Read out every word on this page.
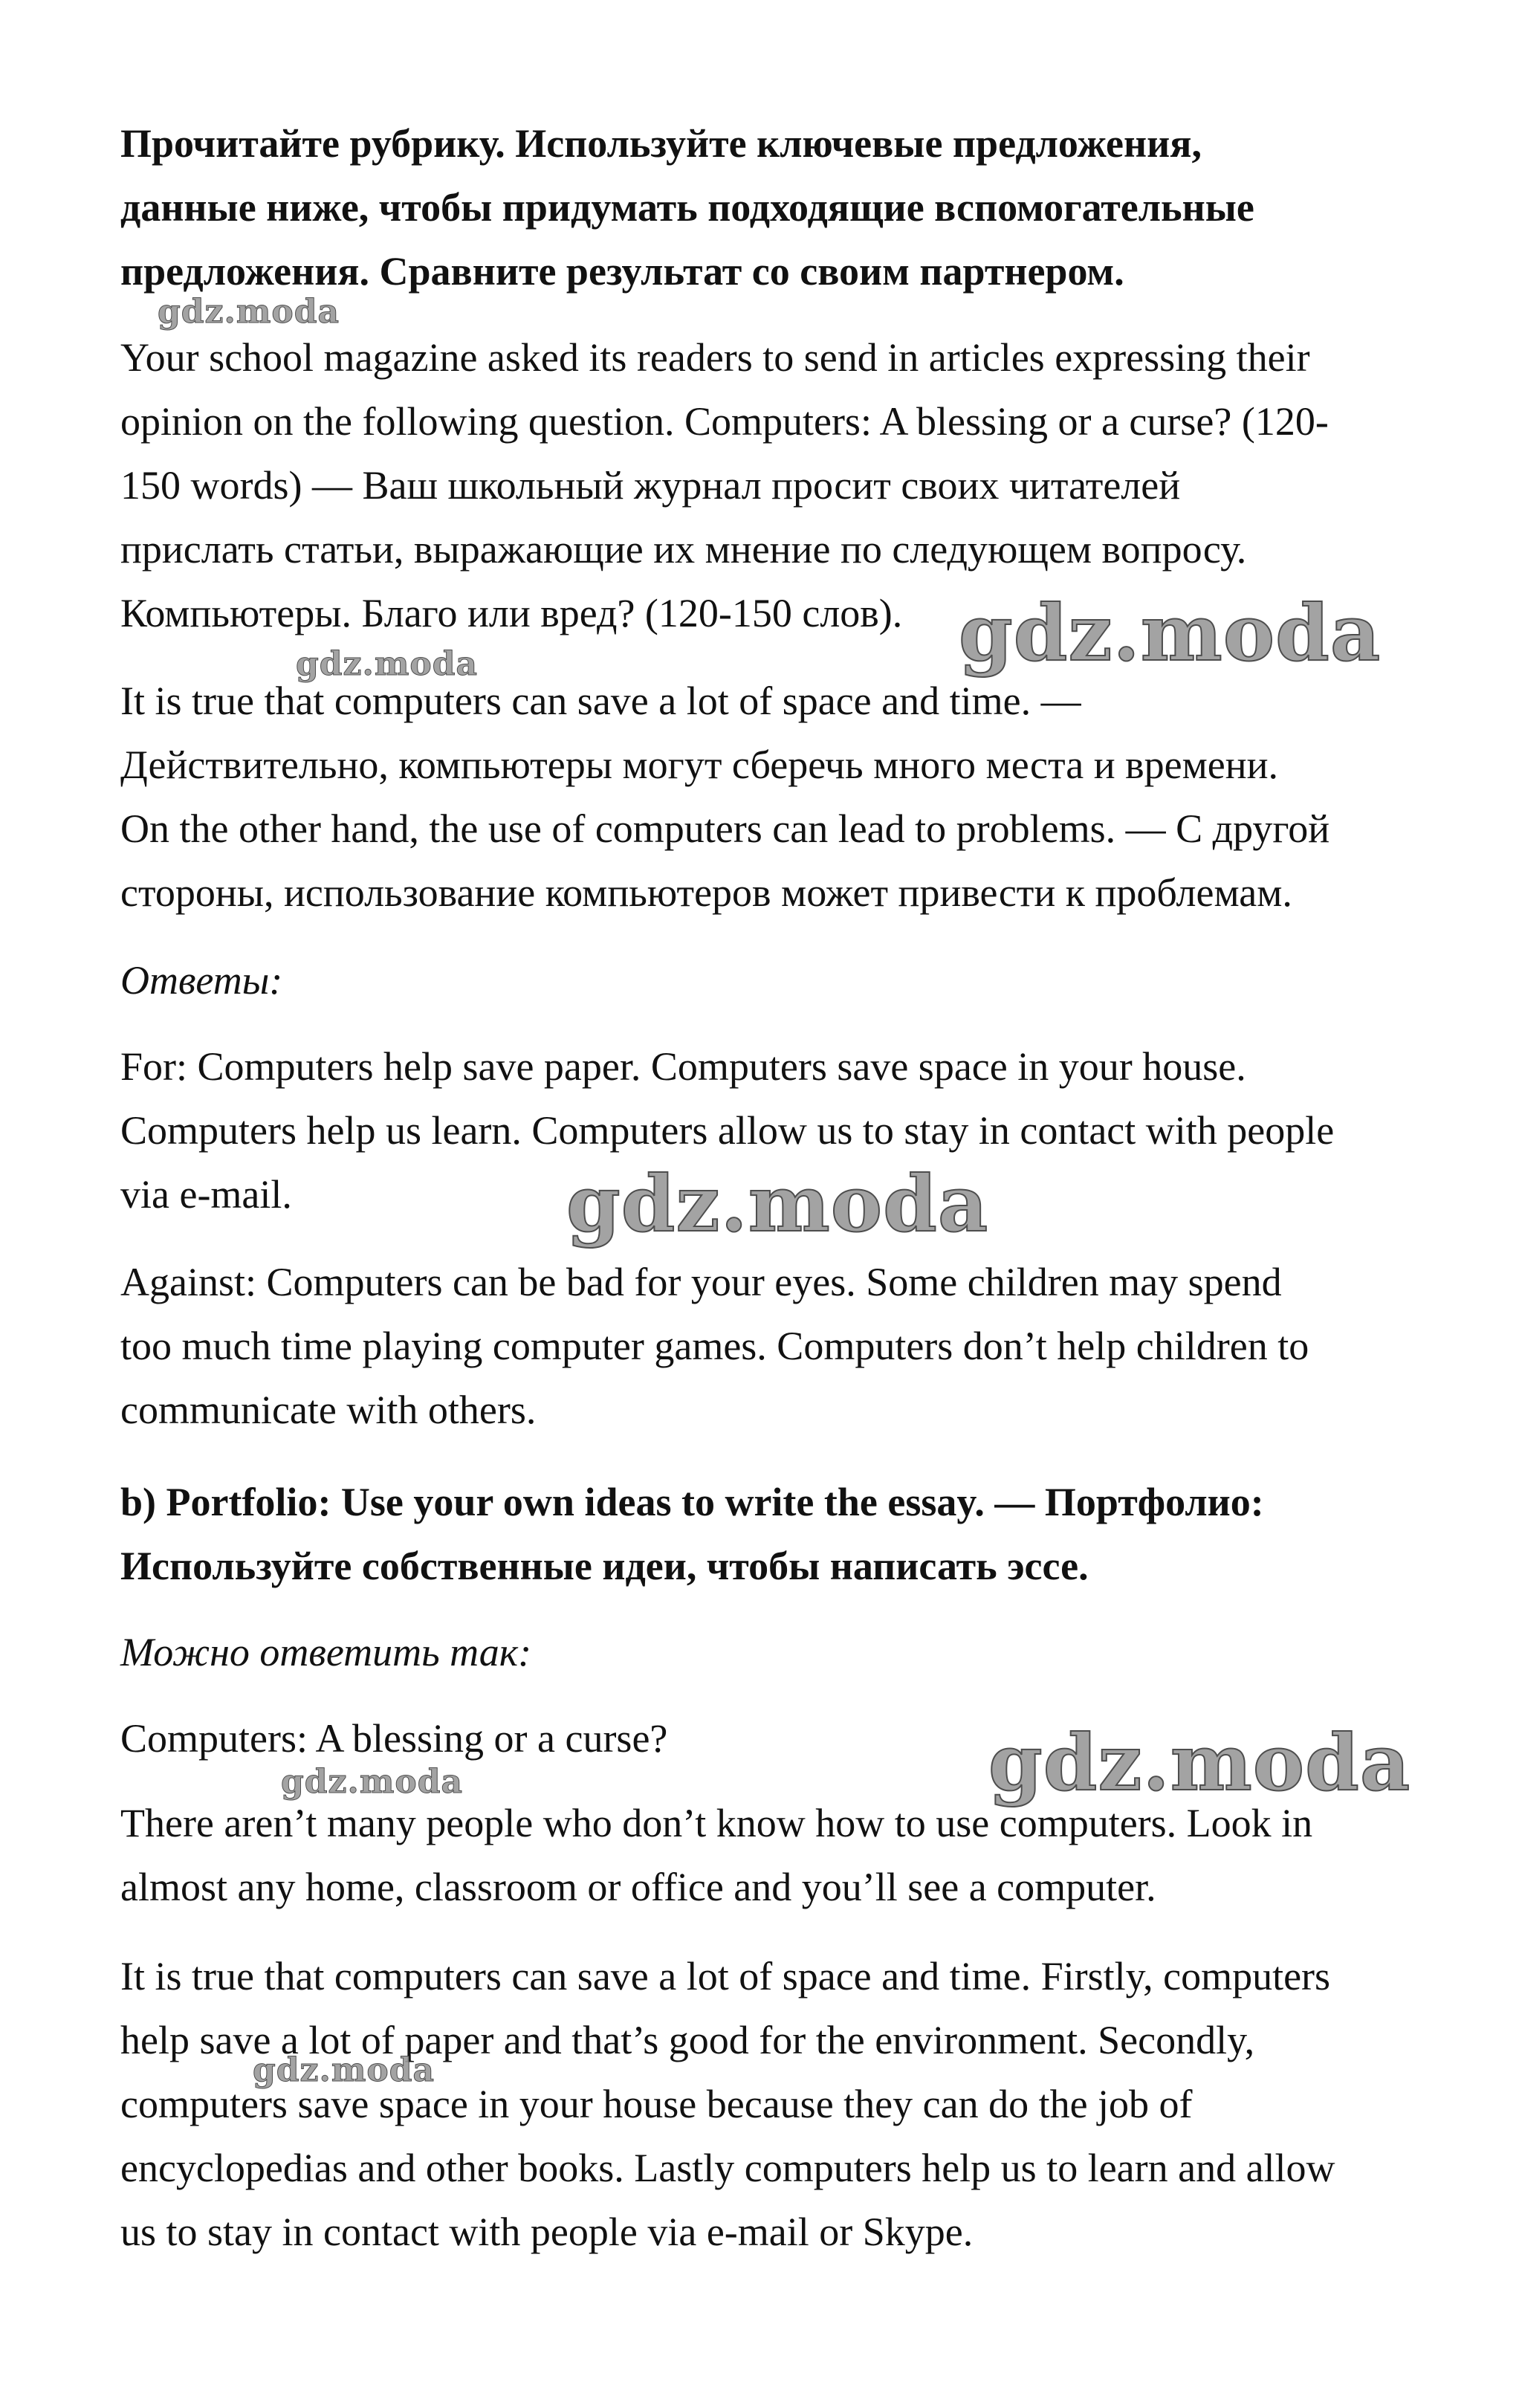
Прочитайте рубрику. Используйте ключевые предложения,
данные ниже, чтобы придумать подходящие вспомогательные
предложения. Сравните результат со своим партнером.
Your school magazine asked its readers to send in articles expressing their
opinion on the following question. Computers: A blessing or a curse? (120-
150 words) — Ваш школьный журнал просит своих читателей
прислать статьи, выражающие их мнение по следующем вопросу.
Компьютеры. Благо или вред? (120-150 слов).
It is true that computers can save a lot of space and time. —
Действительно, компьютеры могут сберечь много места и времени.
On the other hand, the use of computers can lead to problems. — С другой
стороны, использование компьютеров может привести к проблемам.
Ответы:
For: Computers help save paper. Computers save space in your house.
Computers help us learn. Computers allow us to stay in contact with people
via e-mail.
Against: Computers can be bad for your eyes. Some children may spend
too much time playing computer games. Computers don’t help children to
communicate with others.
b) Portfolio: Use your own ideas to write the essay. — Портфолио:
Используйте собственные идеи, чтобы написать эссе.
Можно ответить так:
Computers: A blessing or a curse?
There aren’t many people who don’t know how to use computers. Look in
almost any home, classroom or office and you’ll see a computer.
It is true that computers can save a lot of space and time. Firstly, computers
help save a lot of paper and that’s good for the environment. Secondly,
computers save space in your house because they can do the job of
encyclopedias and other books. Lastly computers help us to learn and allow
us to stay in contact with people via e-mail or Skype.
gdz.moda
gdz.moda
gdz.moda
gdz.moda
gdz.moda
gdz.moda
gdz.moda
